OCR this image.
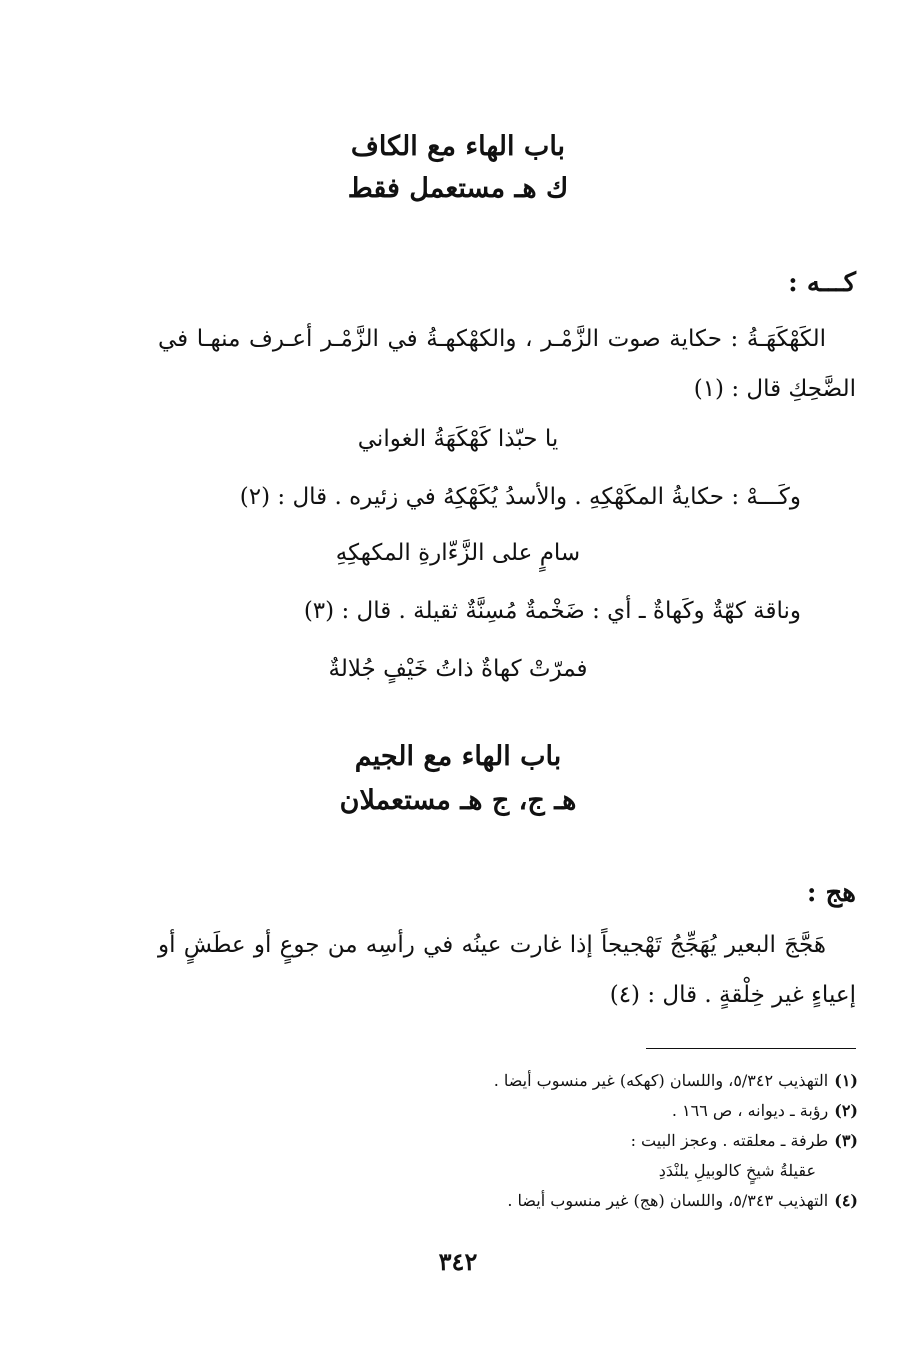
باب الهاء مع الكاف
ك هـ مستعمل فقط
كـــه :
الكَهْكَهَـةُ : حكاية صوت الزَّمْـر ، والكهْكهـةُ في الزَّمْـر أعـرف منهـا في الضَّحِكِ قال : (١)
يا حبّذا كَهْكَهَةُ الغواني
وكَـــهْ : حكايةُ المكَهْكِهِ . والأسدُ يُكَهْكِهُ في زئيره . قال : (٢)
سامٍ على الزَّءّارةِ المكهكِهِ
وناقة كهّةٌ وكَهاةٌ ـ أي : ضَخْمةٌ مُسِنَّةٌ ثقيلة . قال : (٣)
فمرّتْ كهاةٌ ذاتُ خَيْفٍ جُلالةٌ
باب الهاء مع الجيم
هـ ج، ج هـ مستعملان
هج :
هَجَّجَ البعير يُهَجِّجُ تَهْجيجاً إذا غارت عينُه في رأسِه من جوعٍ أو عطَشٍ أو إعياءٍ غير خِلْقةٍ . قال : (٤)
(١)التهذيب ٥/٣٤٢، واللسان (كهكه) غير منسوب أيضا .
(٢)رؤبة ـ ديوانه ، ص ١٦٦ .
(٣)طرفة ـ معلقته . وعجز البيت :
عقيلةُ شيخٍ كالوبيلِ يلنْدَدِ
(٤)التهذيب ٥/٣٤٣، واللسان (هج) غير منسوب أيضا .
٣٤٢
